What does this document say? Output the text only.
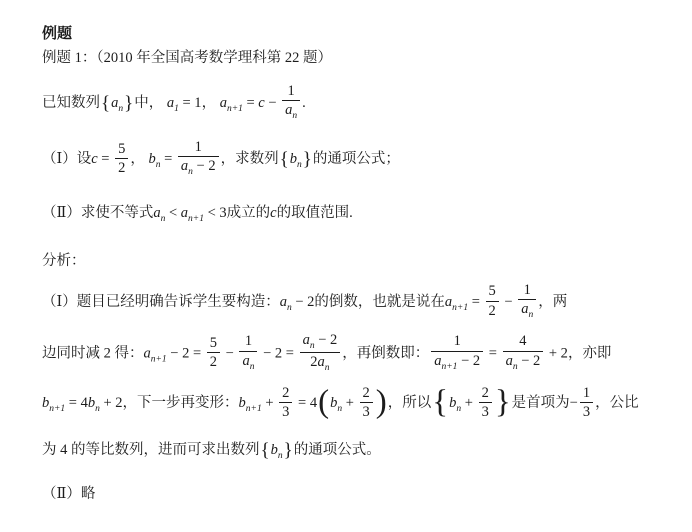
例题
例题 1：（2010 年全国高考数学理科第 22 题）
已知数列$\{a_n\}$中， $a_1 = 1$， $a_{n+1} = c - \frac{1}{a_n}$ .
（Ⅰ）设$c = \frac{5}{2}$ ， $b_n = \frac{1}{a_n - 2}$ ，求数列$\{b_n\}$的通项公式；
（Ⅱ）求使不等式$a_n < a_{n+1} < 3$成立的c的取值范围.
分析：
（Ⅰ）题目已经明确告诉学生要构造：$a_n - 2$的倒数，也就是说在$a_{n+1} = \frac{5}{2} - \frac{1}{a_n}$ ，两
边同时减 2 得：$a_{n+1} - 2 = \frac{5}{2} - \frac{1}{a_n} - 2 = \frac{a_n - 2}{2a_n}$ ，再倒数即： $\frac{1}{a_{n+1} - 2} = \frac{4}{a_n - 2} + 2$，亦即
$b_{n+1} = 4b_n + 2$，下一步再变形：$b_{n+1} + \frac{2}{3} = 4(b_n + \frac{2}{3}$ )，所以{$b_n + \frac{2}{3}$ }是首项为− $\frac{1}{3}$ ，公比
为 4 的等比数列，进而可求出数列$\{b_n\}$的通项公式。
（Ⅱ）略
